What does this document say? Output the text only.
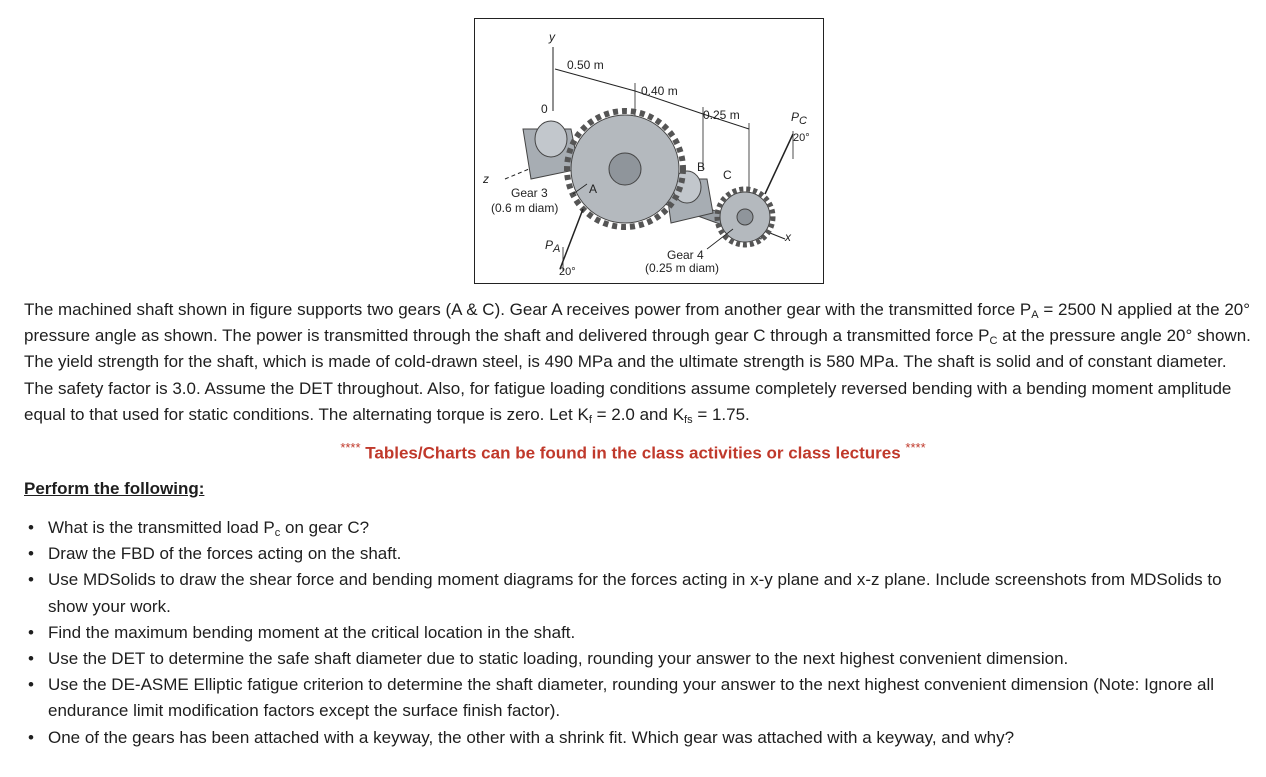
y
z
x
0
0.50 m
0.40 m
0.25 m
A
B
C
Gear 3
(0.6 m diam)
Gear 4
(0.25 m diam)
$P_A$
$P_C$
20°
20°
The machined shaft shown in figure supports two gears (A & C). Gear A receives power from another gear with the transmitted force $P_A = 2500$ N applied at the 20° pressure angle as shown. The power is transmitted through the shaft and delivered through gear C through a transmitted force $P_C$ at the pressure angle 20° shown. The yield strength for the shaft, which is made of cold-drawn steel, is 490 MPa and the ultimate strength is 580 MPa. The shaft is solid and of constant diameter. The safety factor is 3.0. Assume the DET throughout. Also, for fatigue loading conditions assume completely reversed bending with a bending moment amplitude equal to that used for static conditions. The alternating torque is zero. Let $K_f = 2.0$ and $K_{fs} = 1.75$.
**** Tables/Charts can be found in the class activities or class lectures ****
Perform the following:
• What is the transmitted load $P_c$ on gear C?
• Draw the FBD of the forces acting on the shaft.
• Use MDSolids to draw the shear force and bending moment diagrams for the forces acting in x-y plane and x-z plane. Include screenshots from MDSolids to show your work.
• Find the maximum bending moment at the critical location in the shaft.
• Use the DET to determine the safe shaft diameter due to static loading, rounding your answer to the next highest convenient dimension.
• Use the DE-ASME Elliptic fatigue criterion to determine the shaft diameter, rounding your answer to the next highest convenient dimension (Note: Ignore all endurance limit modification factors except the surface finish factor).
• One of the gears has been attached with a keyway, the other with a shrink fit. Which gear was attached with a keyway, and why?
